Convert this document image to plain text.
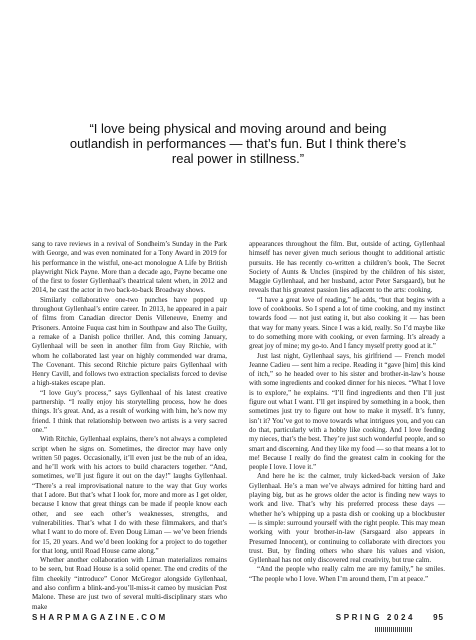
“I love being physical and moving around and being outlandish in performances — that’s fun. But I think there’s real power in stillness.”

sang to rave reviews in a revival of Sondheim’s Sunday in the Park with George, and was even nominated for a Tony Award in 2019 for his performance in the wistful, one-act monologue A Life by British playwright Nick Payne. More than a decade ago, Payne became one of the first to foster Gyllenhaal’s theatrical talent when, in 2012 and 2014, he cast the actor in two back-to-back Broadway shows.

Similarly collaborative one-two punches have popped up throughout Gyllenhaal’s entire career. In 2013, he appeared in a pair of films from Canadian director Denis Villeneuve, Enemy and Prisoners. Antoine Fuqua cast him in Southpaw and also The Guilty, a remake of a Danish police thriller. And, this coming January, Gyllenhaal will be seen in another film from Guy Ritchie, with whom he collaborated last year on highly commended war drama, The Covenant. This second Ritchie picture pairs Gyllenhaal with Henry Cavill, and follows two extraction specialists forced to devise a high-stakes escape plan.

“I love Guy’s process,” says Gyllenhaal of his latest creative partnership. “I really enjoy his storytelling process, how he does things. It’s great. And, as a result of working with him, he’s now my friend. I think that relationship between two artists is a very sacred one.”

With Ritchie, Gyllenhaal explains, there’s not always a completed script when he signs on. Sometimes, the director may have only written 50 pages. Occasionally, it’ll even just be the nub of an idea, and he’ll work with his actors to build characters together. “And, sometimes, we’ll just figure it out on the day!” laughs Gyllenhaal. “There’s a real improvisational nature to the way that Guy works that I adore. But that’s what I look for, more and more as I get older, because I know that great things can be made if people know each other, and see each other’s weaknesses, strengths, and vulnerabilities. That’s what I do with these filmmakers, and that’s what I want to do more of. Even Doug Liman — we’ve been friends for 15, 20 years. And we’d been looking for a project to do together for that long, until Road House came along.”

Whether another collaboration with Liman materializes remains to be seen, but Road House is a solid opener. The end credits of the film cheekily “introduce” Conor McGregor alongside Gyllenhaal, and also confirm a blink-and-you’ll-miss-it cameo by musician Post Malone. These are just two of several multi-disciplinary stars who make

appearances throughout the film. But, outside of acting, Gyllenhaal himself has never given much serious thought to additional artistic pursuits. He has recently co-written a children’s book, The Secret Society of Aunts & Uncles (inspired by the children of his sister, Maggie Gyllenhaal, and her husband, actor Peter Sarsgaard), but he reveals that his greatest passion lies adjacent to the arts: cooking.

“I have a great love of reading,” he adds, “but that begins with a love of cookbooks. So I spend a lot of time cooking, and my instinct towards food — not just eating it, but also cooking it — has been that way for many years. Since I was a kid, really. So I’d maybe like to do something more with cooking, or even farming. It’s already a great joy of mine; my go-to. And I fancy myself pretty good at it.”

Just last night, Gyllenhaal says, his girlfriend — French model Jeanne Cadieu — sent him a recipe. Reading it “gave [him] this kind of itch,” so he headed over to his sister and brother-in-law’s house with some ingredients and cooked dinner for his nieces. “What I love is to explore,” he explains. “I’ll find ingredients and then I’ll just figure out what I want. I’ll get inspired by something in a book, then sometimes just try to figure out how to make it myself. It’s funny, isn’t it? You’ve got to move towards what intrigues you, and you can do that, particularly with a hobby like cooking. And I love feeding my nieces, that’s the best. They’re just such wonderful people, and so smart and discerning. And they like my food — so that means a lot to me! Because I really do find the greatest calm in cooking for the people I love. I love it.”

And here he is: the calmer, truly kicked-back version of Jake Gyllenhaal. He’s a man we’ve always admired for hitting hard and playing big, but as he grows older the actor is finding new ways to work and live. That’s why his preferred process these days — whether he’s whipping up a pasta dish or cooking up a blockbuster — is simple: surround yourself with the right people. This may mean working with your brother-in-law (Sarsgaard also appears in Presumed Innocent), or continuing to collaborate with directors you trust. But, by finding others who share his values and vision, Gyllenhaal has not only discovered real creativity, but true calm.

“And the people who really calm me are my family,” he smiles. “The people who I love. When I’m around them, I’m at peace.”

SHARPMAGAZINE.COM	SPRING 2024 95
